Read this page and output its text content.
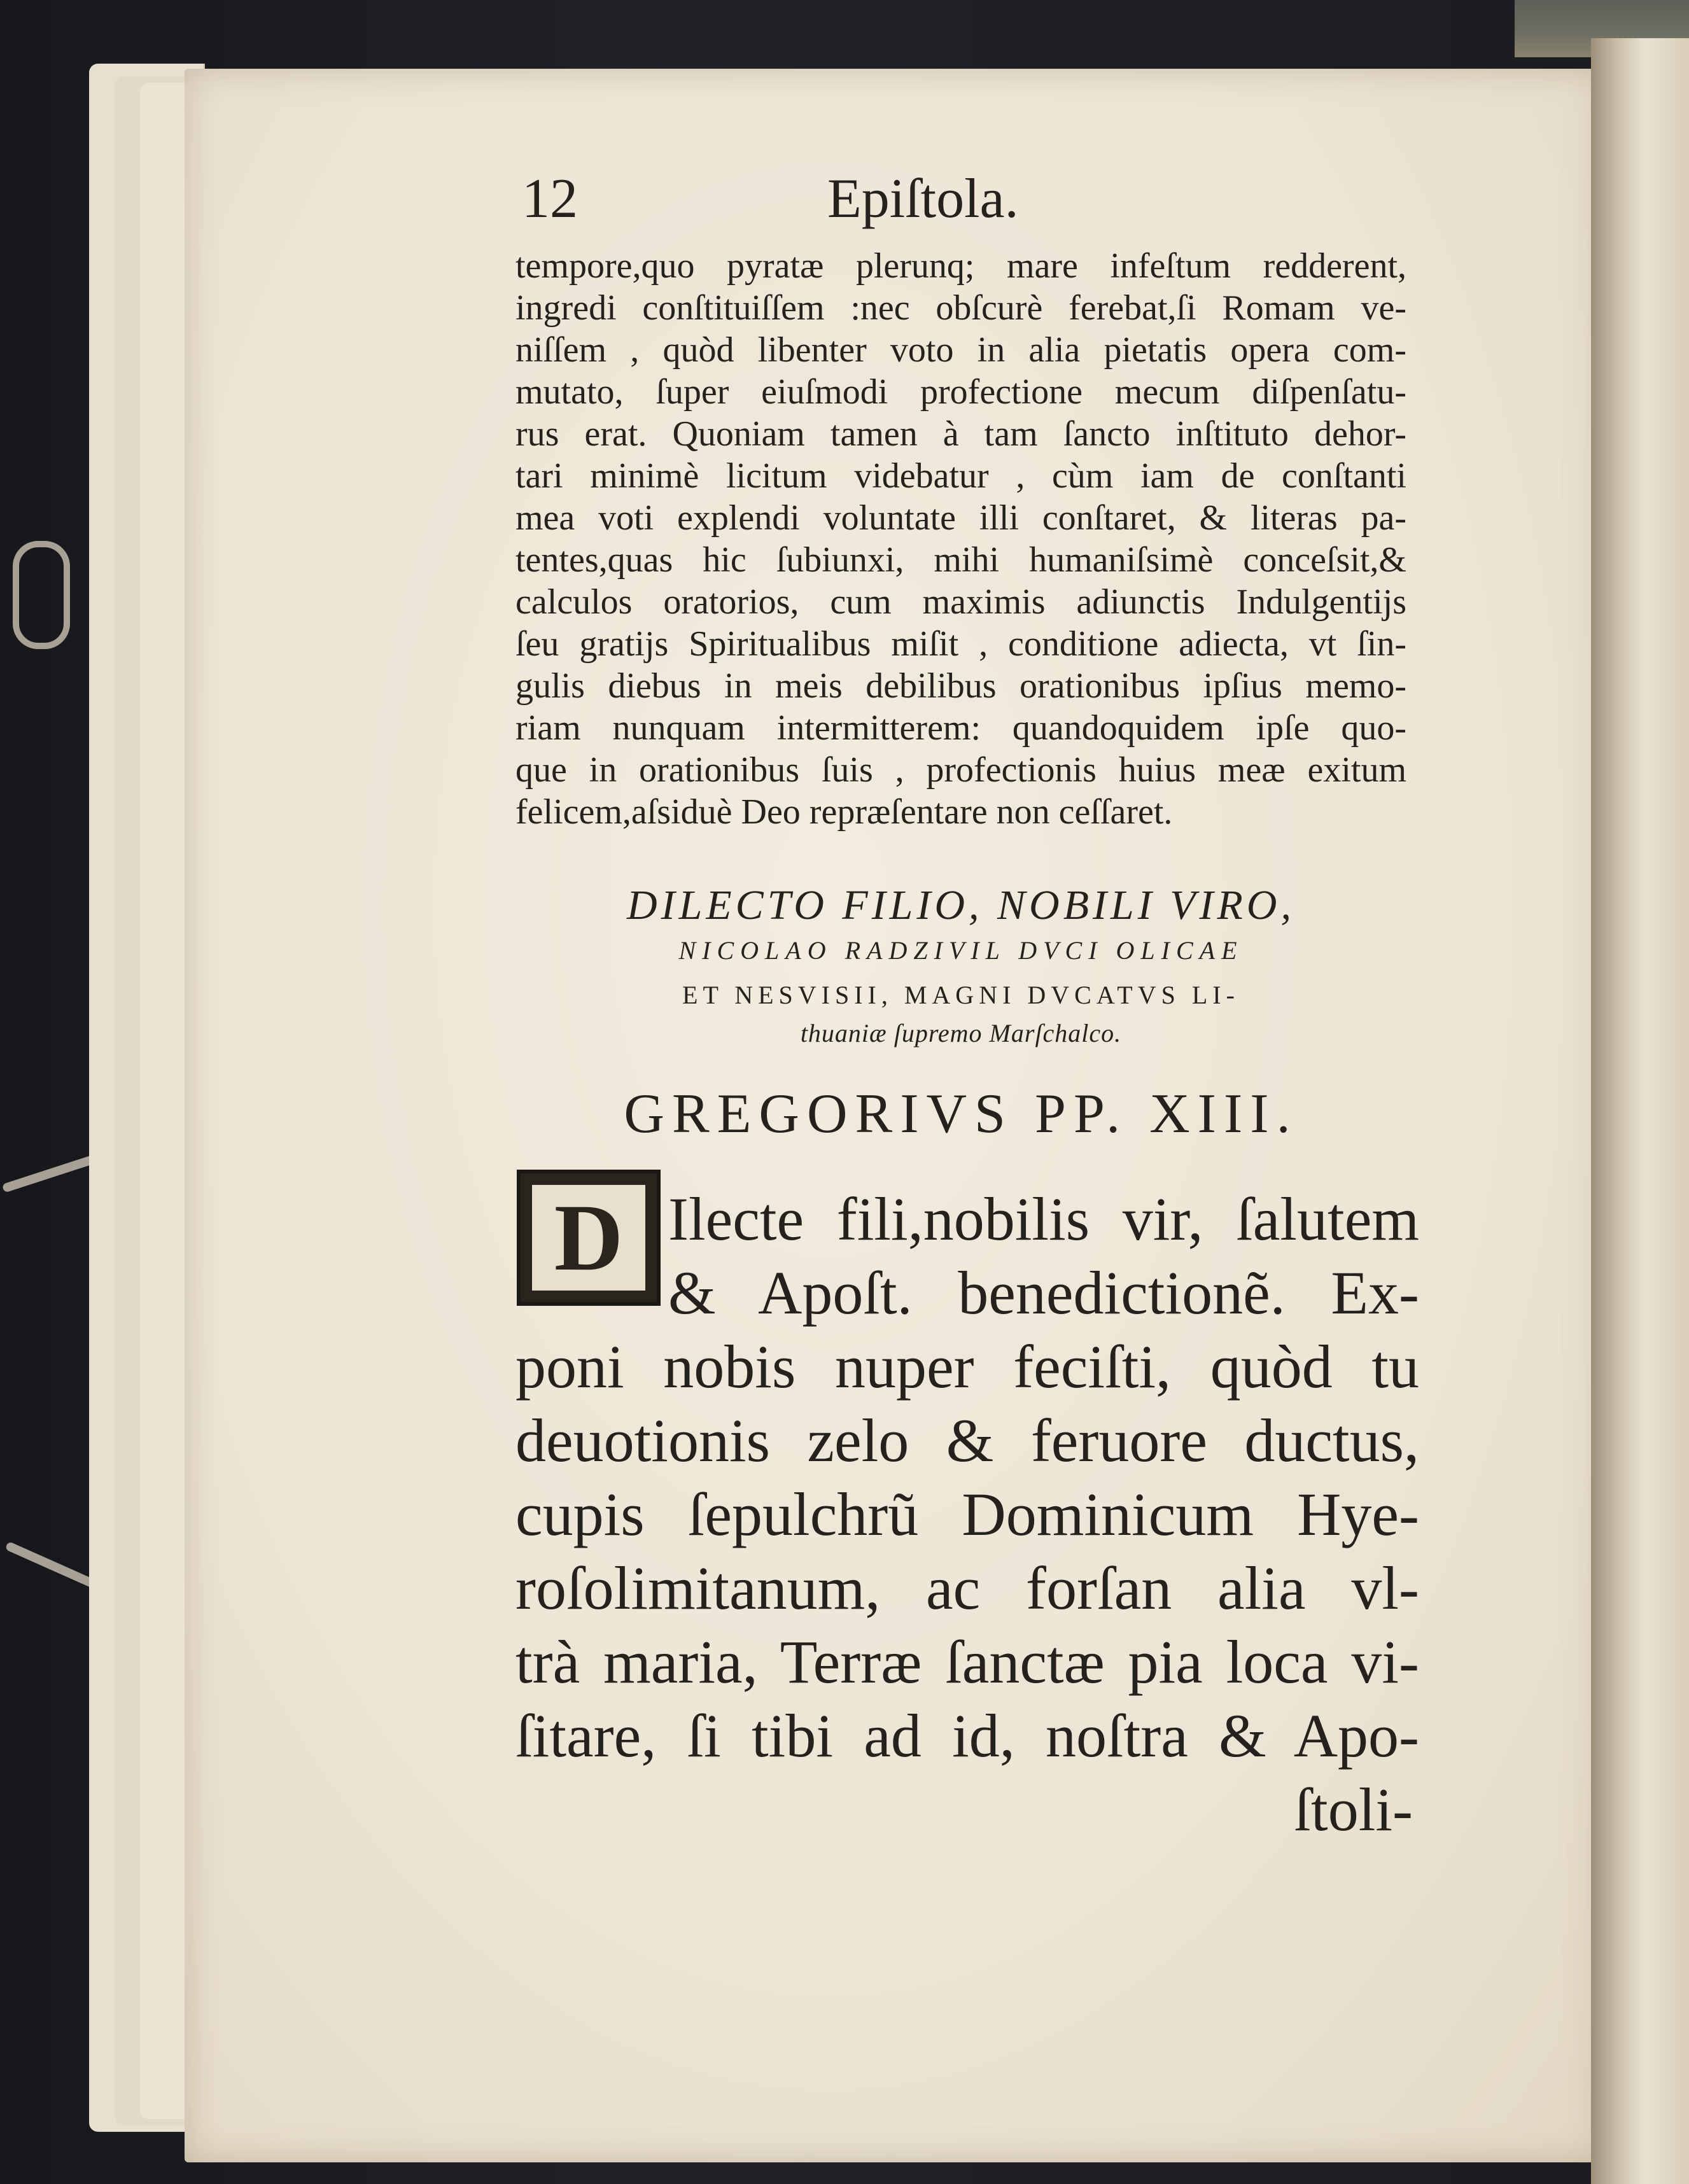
12	Epiſtola.
tempore,quo pyratæ plerunq; mare infeſtum redderent,
ingredi conſtituiſſem :nec obſcurè ferebat,ſi Romam ve-
niſſem , quòd libenter voto in alia pietatis opera com-
mutato, ſuper eiuſmodi profectione mecum diſpenſatu-
rus erat. Quoniam tamen à tam ſancto inſtituto dehor-
tari minimè licitum videbatur , cùm iam de conſtanti
mea voti explendi voluntate illi conſtaret, & literas pa-
tentes,quas hic ſubiunxi, mihi humaniſsimè conceſsit,&
calculos oratorios, cum maximis adiunctis Indulgentijs
ſeu gratijs Spiritualibus miſit , conditione adiecta, vt ſin-
gulis diebus in meis debilibus orationibus ipſius memo-
riam nunquam intermitterem: quandoquidem ipſe quo-
que in orationibus ſuis , profectionis huius meæ exitum
felicem,aſsiduè Deo repræſentare non ceſſaret.
DILECTO FILIO, NOBILI VIRO,
NICOLAO RADZIVIL DVCI OLICAE
ET NESVISII, MAGNI DVCATVS LI-
thuaniæ ſupremo Marſchalco.
GREGORIVS PP. XIII.
D Ilecte fili,nobilis vir, ſalutem
& Apoſt. benedictionẽ. Ex-
poni nobis nuper feciſti, quòd tu
deuotionis zelo & feruore ductus,
cupis ſepulchrũ Dominicum Hye-
roſolimitanum, ac forſan alia vl-
trà maria, Terræ ſanctæ pia loca vi-
ſitare, ſi tibi ad id, noſtra & Apo-
ſtoli-
